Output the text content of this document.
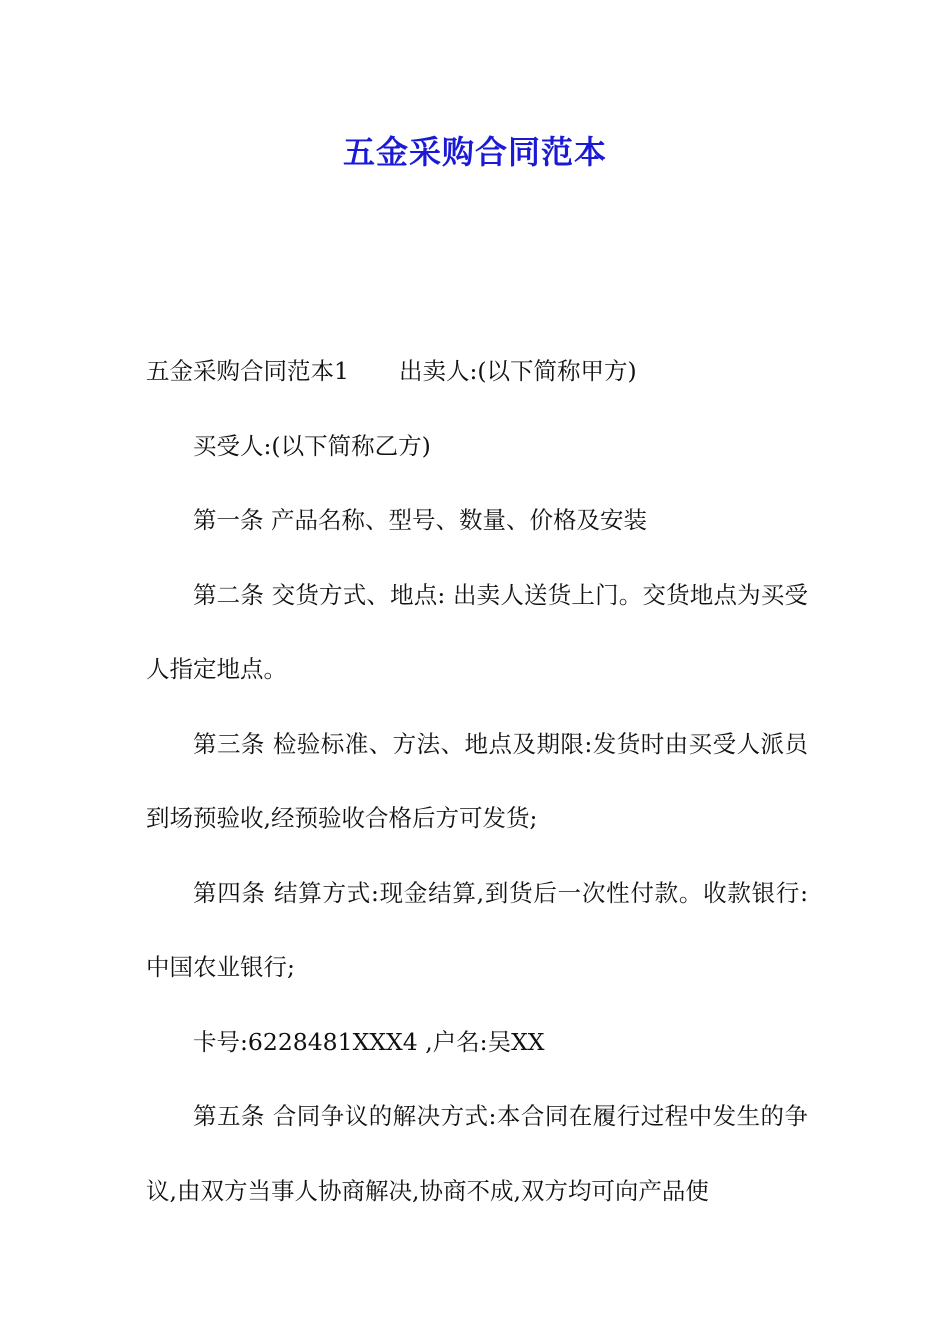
五金采购合同范本

五金采购合同范本1 出卖人:(以下简称甲方)

买受人:(以下简称乙方)

第一条 产品名称、型号、数量、价格及安装

第二条 交货方式、地点: 出卖人送货上门。交货地点为买受人指定地点。

第三条 检验标准、方法、地点及期限:发货时由买受人派员到场预验收,经预验收合格后方可发货;

第四条 结算方式:现金结算,到货后一次性付款。收款银行:中国农业银行;

卡号:6228481XXX4 ,户名:吴XX

第五条 合同争议的解决方式:本合同在履行过程中发生的争议,由双方当事人协商解决,协商不成,双方均可向产品使
